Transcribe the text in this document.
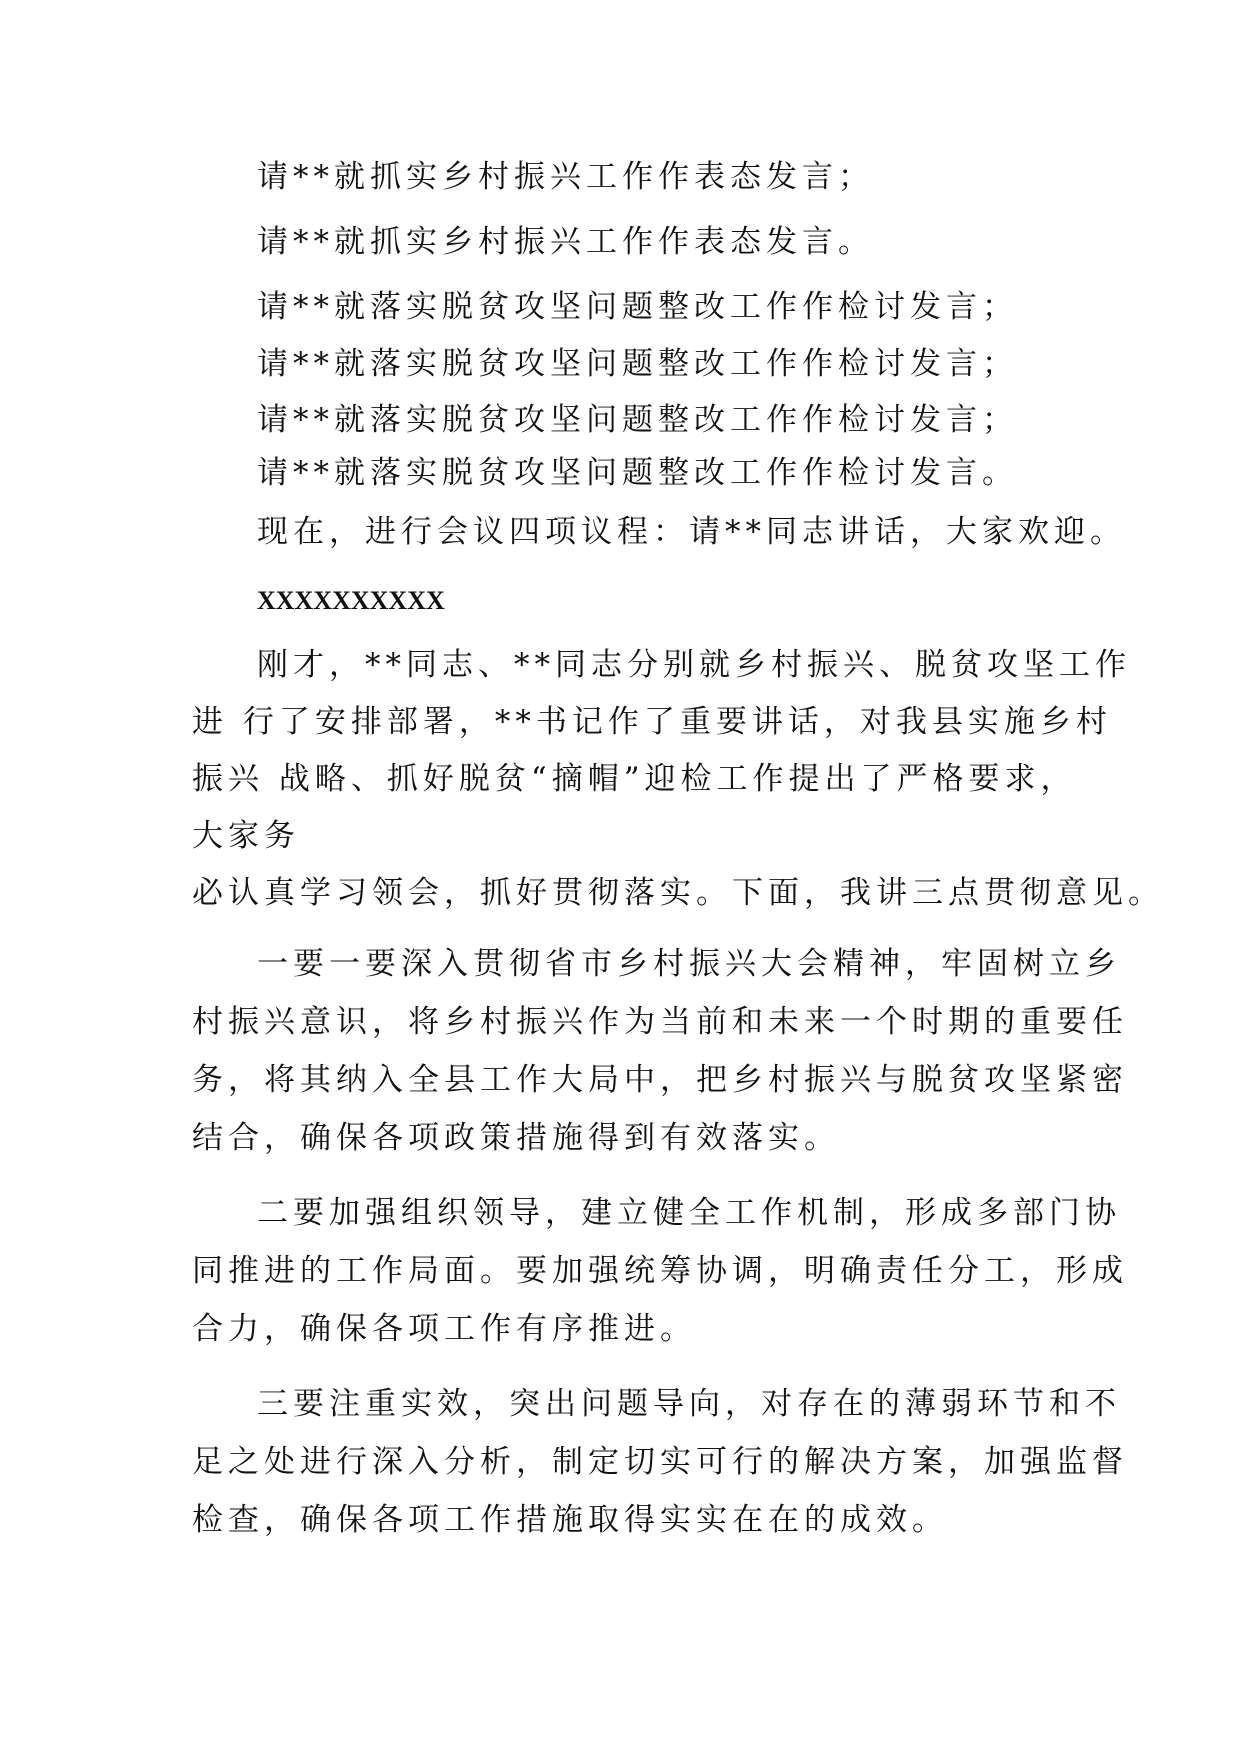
请**就抓实乡村振兴工作作表态发言；
请**就抓实乡村振兴工作作表态发言。
请**就落实脱贫攻坚问题整改工作作检讨发言；
请**就落实脱贫攻坚问题整改工作作检讨发言；
请**就落实脱贫攻坚问题整改工作作检讨发言；
请**就落实脱贫攻坚问题整改工作作检讨发言。
现在，进行会议四项议程：请**同志讲话，大家欢迎。
XXXXXXXXXX
刚才，**同志、**同志分别就乡村振兴、脱贫攻坚工作
进 行了安排部署，**书记作了重要讲话，对我县实施乡村
振兴 战略、抓好脱贫“摘帽”迎检工作提出了严格要求，
大家务
必认真学习领会，抓好贯彻落实。下面，我讲三点贯彻意见。
一要一要深入贯彻省市乡村振兴大会精神，牢固树立乡
村振兴意识，将乡村振兴作为当前和未来一个时期的重要任
务，将其纳入全县工作大局中，把乡村振兴与脱贫攻坚紧密
结合，确保各项政策措施得到有效落实。
二要加强组织领导，建立健全工作机制，形成多部门协
同推进的工作局面。要加强统筹协调，明确责任分工，形成
合力，确保各项工作有序推进。
三要注重实效，突出问题导向，对存在的薄弱环节和不
足之处进行深入分析，制定切实可行的解决方案，加强监督
检查，确保各项工作措施取得实实在在的成效。
